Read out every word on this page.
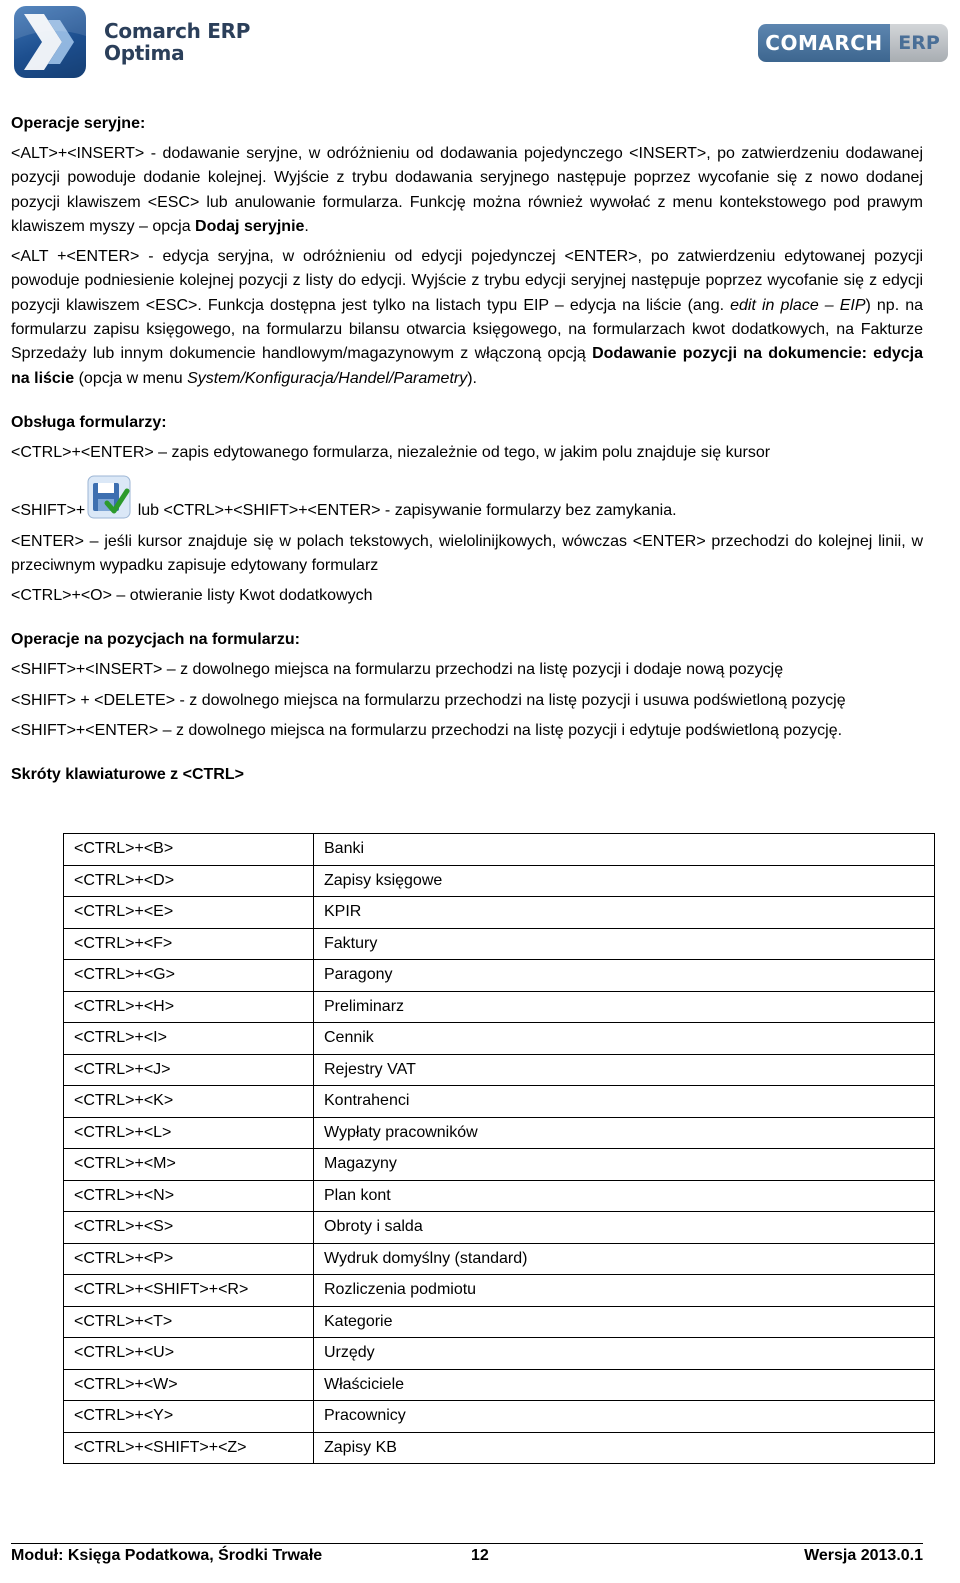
Comarch ERP
Optima	COMARCH ERP
Operacje seryjne:

<ALT>+<INSERT> - dodawanie seryjne, w odróżnieniu od dodawania pojedynczego <INSERT>, po zatwierdzeniu dodawanej pozycji powoduje dodanie kolejnej. Wyjście z trybu dodawania seryjnego następuje poprzez wycofanie się z nowo dodanej pozycji klawiszem <ESC> lub anulowanie formularza. Funkcję można również wywołać z menu kontekstowego pod prawym klawiszem myszy – opcja Dodaj seryjnie.

<ALT +<ENTER> - edycja seryjna, w odróżnieniu od edycji pojedynczej <ENTER>, po zatwierdzeniu edytowanej pozycji powoduje podniesienie kolejnej pozycji z listy do edycji. Wyjście z trybu edycji seryjnej następuje poprzez wycofanie się z edycji pozycji klawiszem <ESC>. Funkcja dostępna jest tylko na listach typu EIP – edycja na liście (ang. edit in place – EIP) np. na formularzu zapisu księgowego, na formularzu bilansu otwarcia księgowego, na formularzach kwot dodatkowych, na Fakturze Sprzedaży lub innym dokumencie handlowym/magazynowym z włączoną opcją Dodawanie pozycji na dokumencie: edycja na liście (opcja w menu System/Konfiguracja/Handel/Parametry).

Obsługa formularzy:

<CTRL>+<ENTER> – zapis edytowanego formularza, niezależnie od tego, w jakim polu znajduje się kursor

<SHIFT>+	lub <CTRL>+<SHIFT>+<ENTER> - zapisywanie formularzy bez zamykania.

<ENTER> – jeśli kursor znajduje się w polach tekstowych, wielolinijkowych, wówczas <ENTER> przechodzi do kolejnej linii, w przeciwnym wypadku zapisuje edytowany formularz

<CTRL>+<O> – otwieranie listy Kwot dodatkowych

Operacje na pozycjach na formularzu:

<SHIFT>+<INSERT> – z dowolnego miejsca na formularzu przechodzi na listę pozycji i dodaje nową pozycję

<SHIFT> + <DELETE> - z dowolnego miejsca na formularzu przechodzi na listę pozycji i usuwa podświetloną pozycję

<SHIFT>+<ENTER> – z dowolnego miejsca na formularzu przechodzi na listę pozycji i edytuje podświetloną pozycję.

Skróty klawiaturowe z <CTRL>
<CTRL>+<B>	Banki
<CTRL>+<D>	Zapisy księgowe
<CTRL>+<E>	KPIR
<CTRL>+<F>	Faktury
<CTRL>+<G>	Paragony
<CTRL>+<H>	Preliminarz
<CTRL>+<I>	Cennik
<CTRL>+<J>	Rejestry VAT
<CTRL>+<K>	Kontrahenci
<CTRL>+<L>	Wypłaty pracowników
<CTRL>+<M>	Magazyny
<CTRL>+<N>	Plan kont
<CTRL>+<S>	Obroty i salda
<CTRL>+<P>	Wydruk domyślny (standard)
<CTRL>+<SHIFT>+<R>	Rozliczenia podmiotu
<CTRL>+<T>	Kategorie
<CTRL>+<U>	Urzędy
<CTRL>+<W>	Właściciele
<CTRL>+<Y>	Pracownicy
<CTRL>+<SHIFT>+<Z>	Zapisy KB
Moduł: Księga Podatkowa, Środki Trwałe	12	Wersja 2013.0.1
